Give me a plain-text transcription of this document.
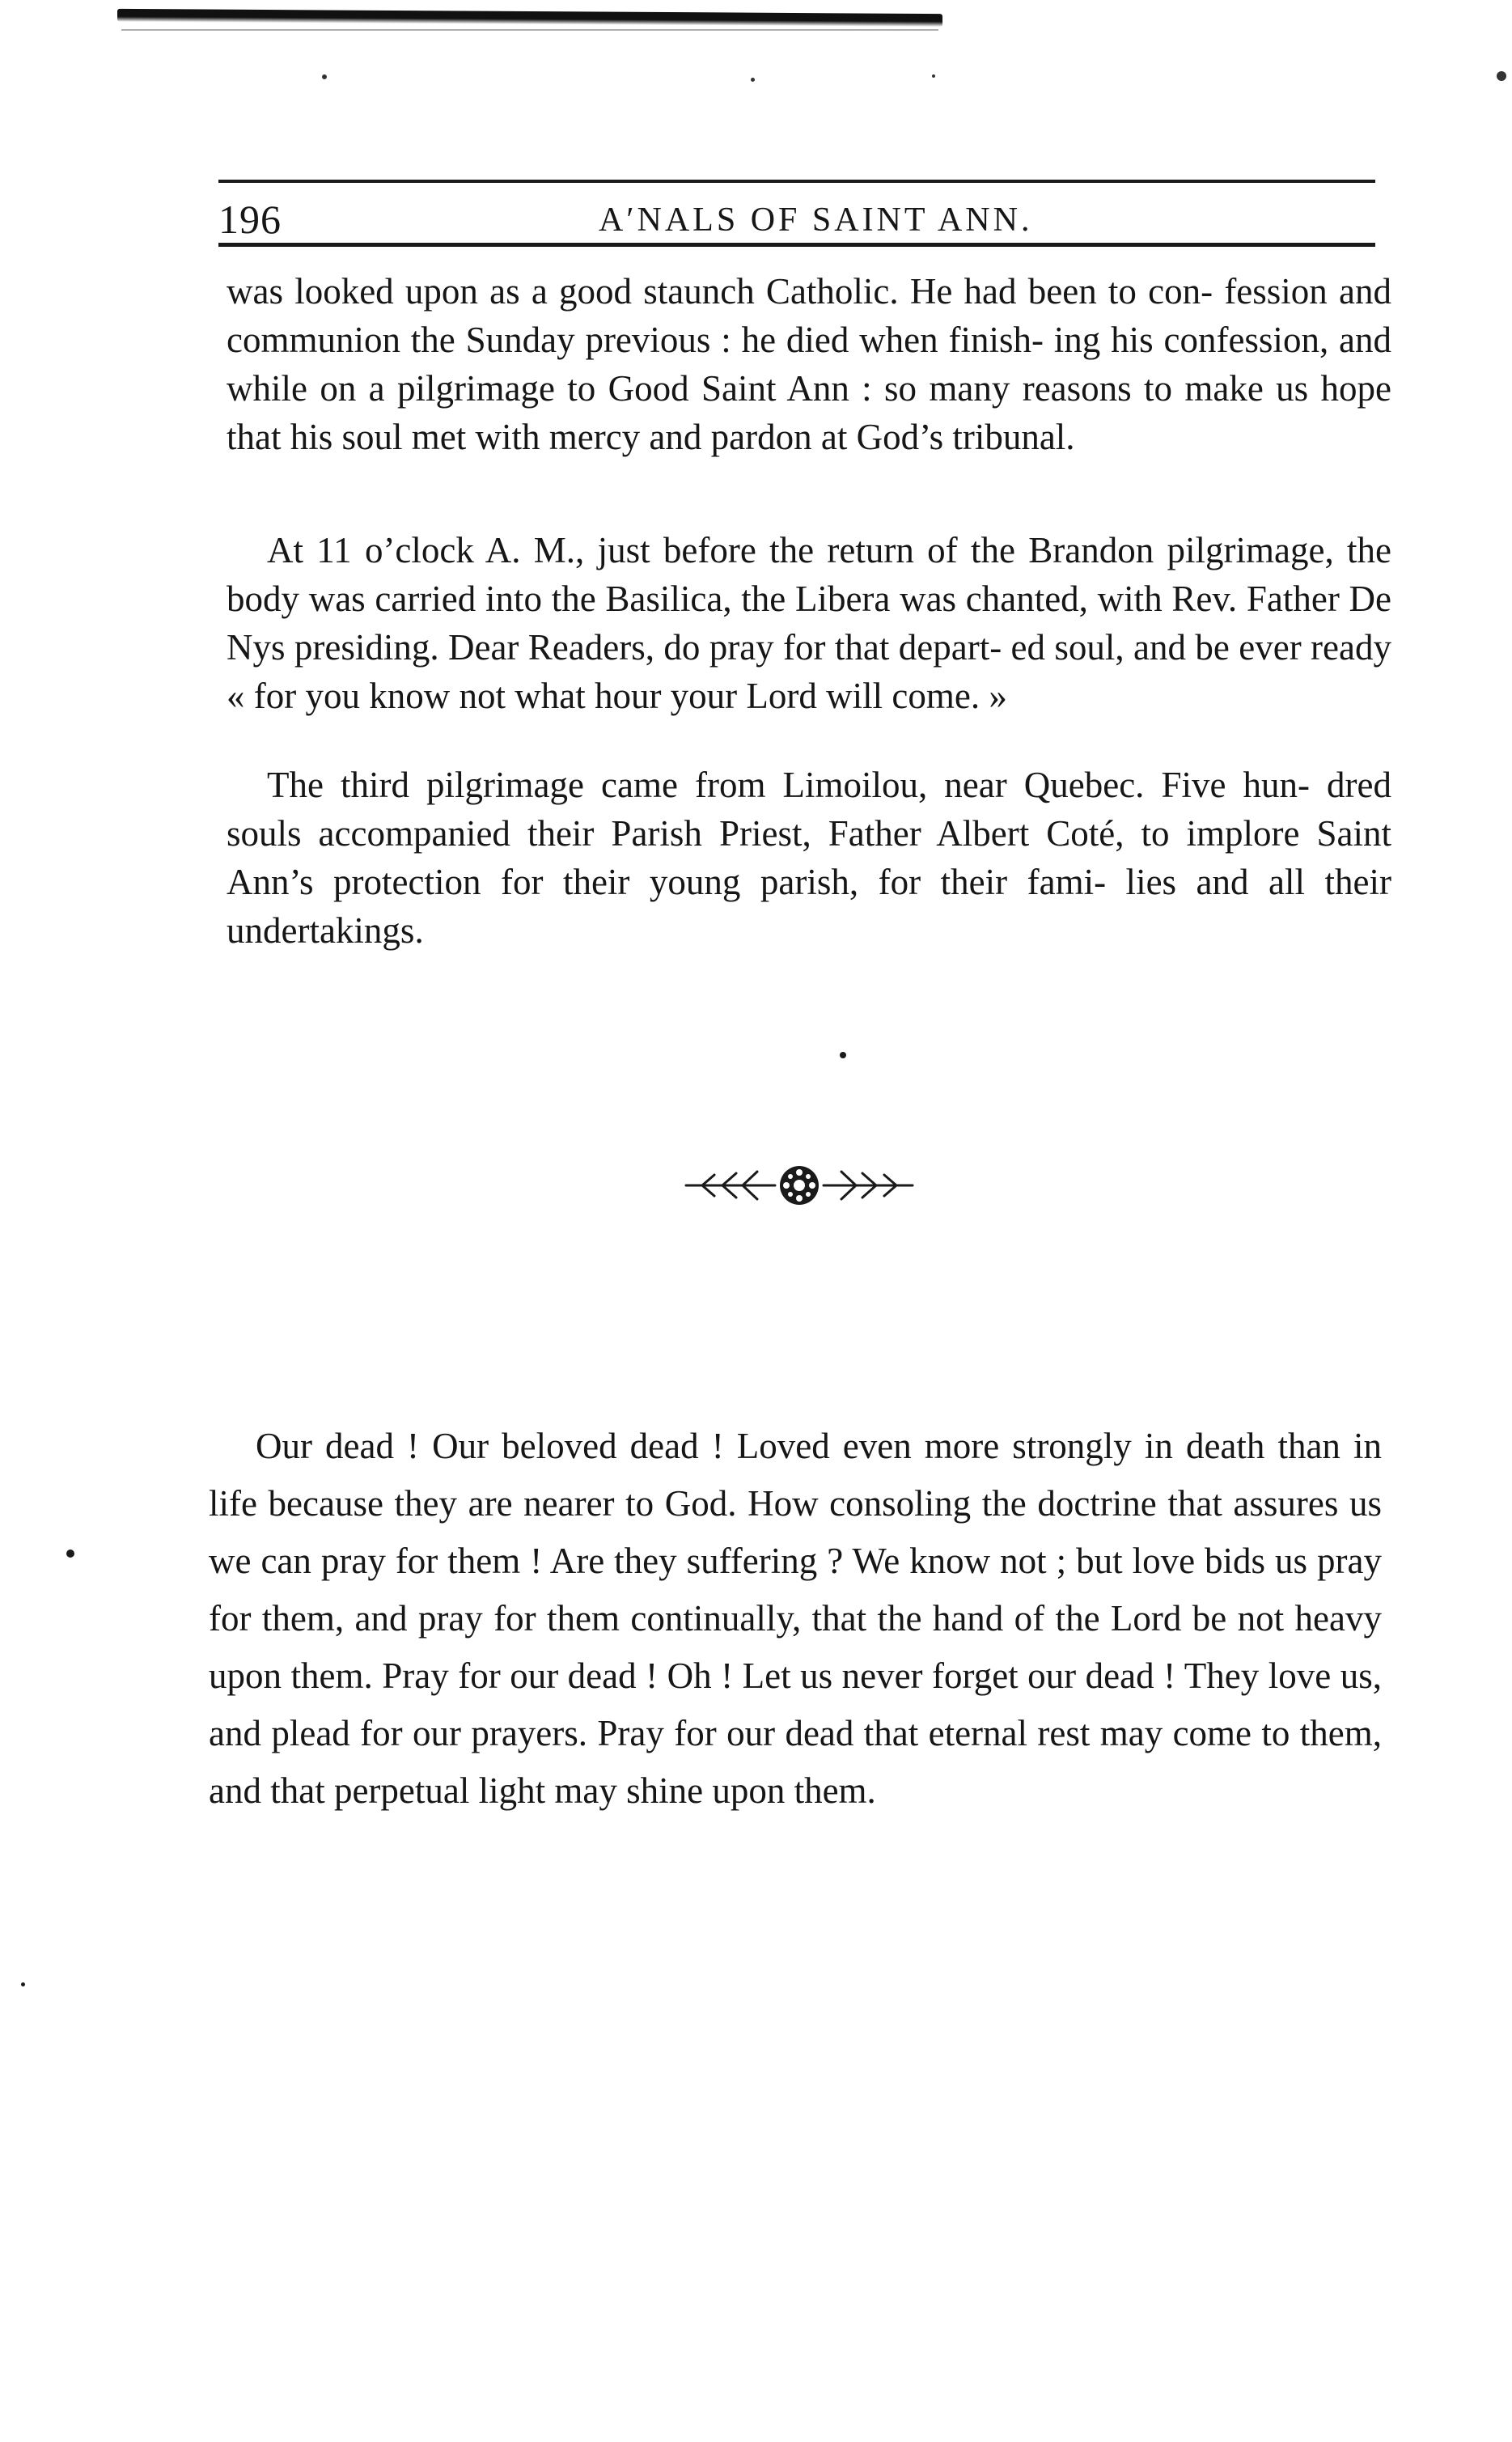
196	A′NALS OF SAINT ANN.

was looked upon as a good staunch Catholic. He had been to con- fession and communion the Sunday previous : he died when finish- ing his confession, and while on a pilgrimage to Good Saint Ann : so many reasons to make us hope that his soul met with mercy and pardon at God’s tribunal.

At 11 o’clock A. M., just before the return of the Brandon pilgrimage, the body was carried into the Basilica, the Libera was chanted, with Rev. Father De Nys presiding. Dear Readers, do pray for that depart- ed soul, and be ever ready « for you know not what hour your Lord will come. »

The third pilgrimage came from Limoilou, near Quebec. Five hun- dred souls accompanied their Parish Priest, Father Albert Coté, to implore Saint Ann’s protection for their young parish, for their fami- lies and all their undertakings.

Our dead ! Our beloved dead ! Loved even more strongly in death than in life because they are nearer to God. How consoling the doctrine that assures us we can pray for them ! Are they suffering ? We know not ; but love bids us pray for them, and pray for them continually, that the hand of the Lord be not heavy upon them. Pray for our dead ! Oh ! Let us never forget our dead ! They love us, and plead for our prayers. Pray for our dead that eternal rest may come to them, and that perpetual light may shine upon them.
